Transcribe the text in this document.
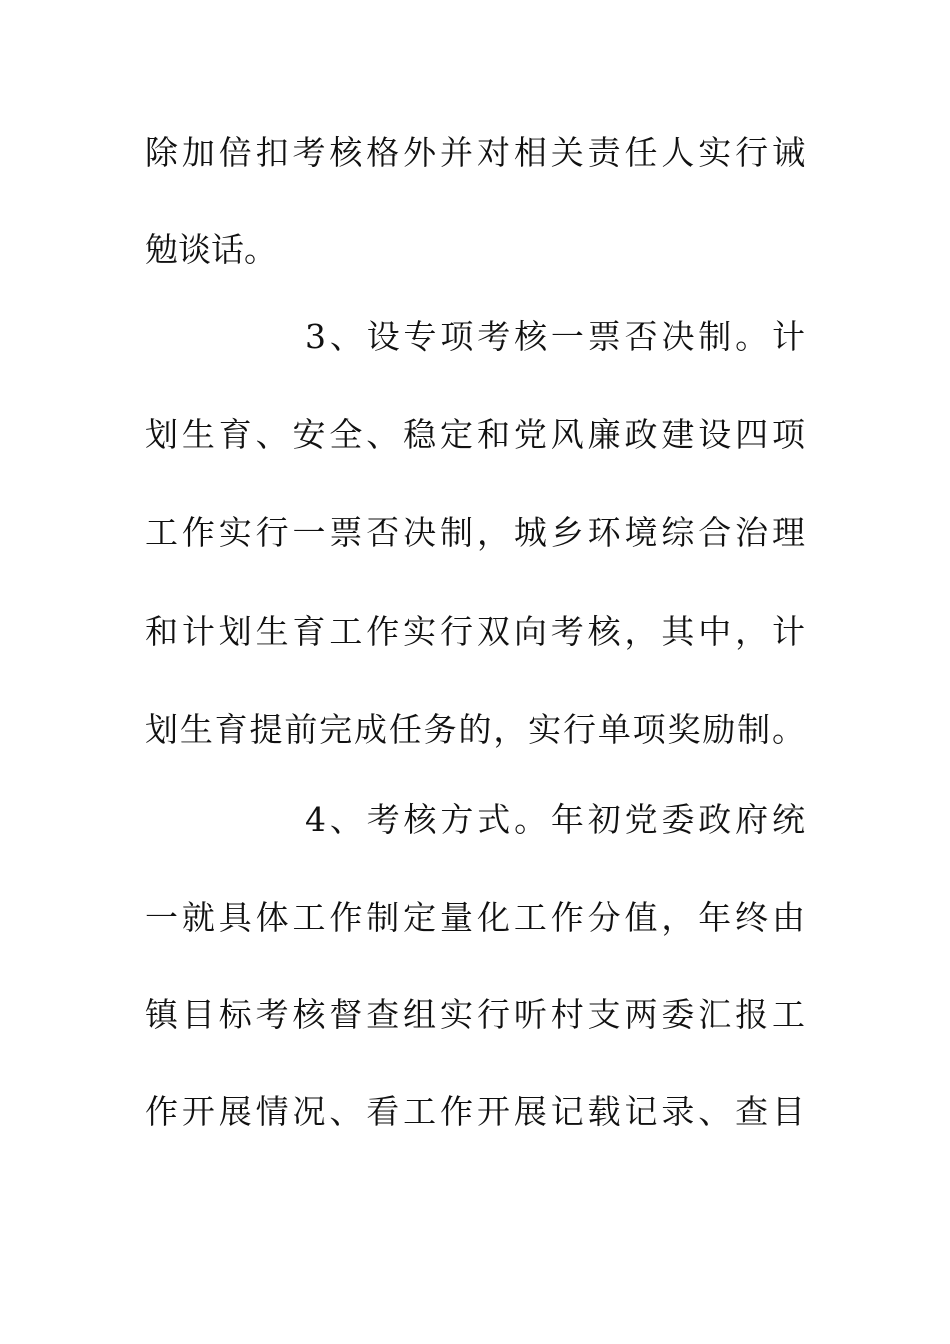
除加倍扣考核格外并对相关责任人实行诫
勉谈话。
3、设专项考核一票否决制。计
划生育、安全、稳定和党风廉政建设四项
工作实行一票否决制，城乡环境综合治理
和计划生育工作实行双向考核，其中，计
划生育提前完成任务的，实行单项奖励制。
4、考核方式。年初党委政府统
一就具体工作制定量化工作分值，年终由
镇目标考核督查组实行听村支两委汇报工
作开展情况、看工作开展记载记录、查目
